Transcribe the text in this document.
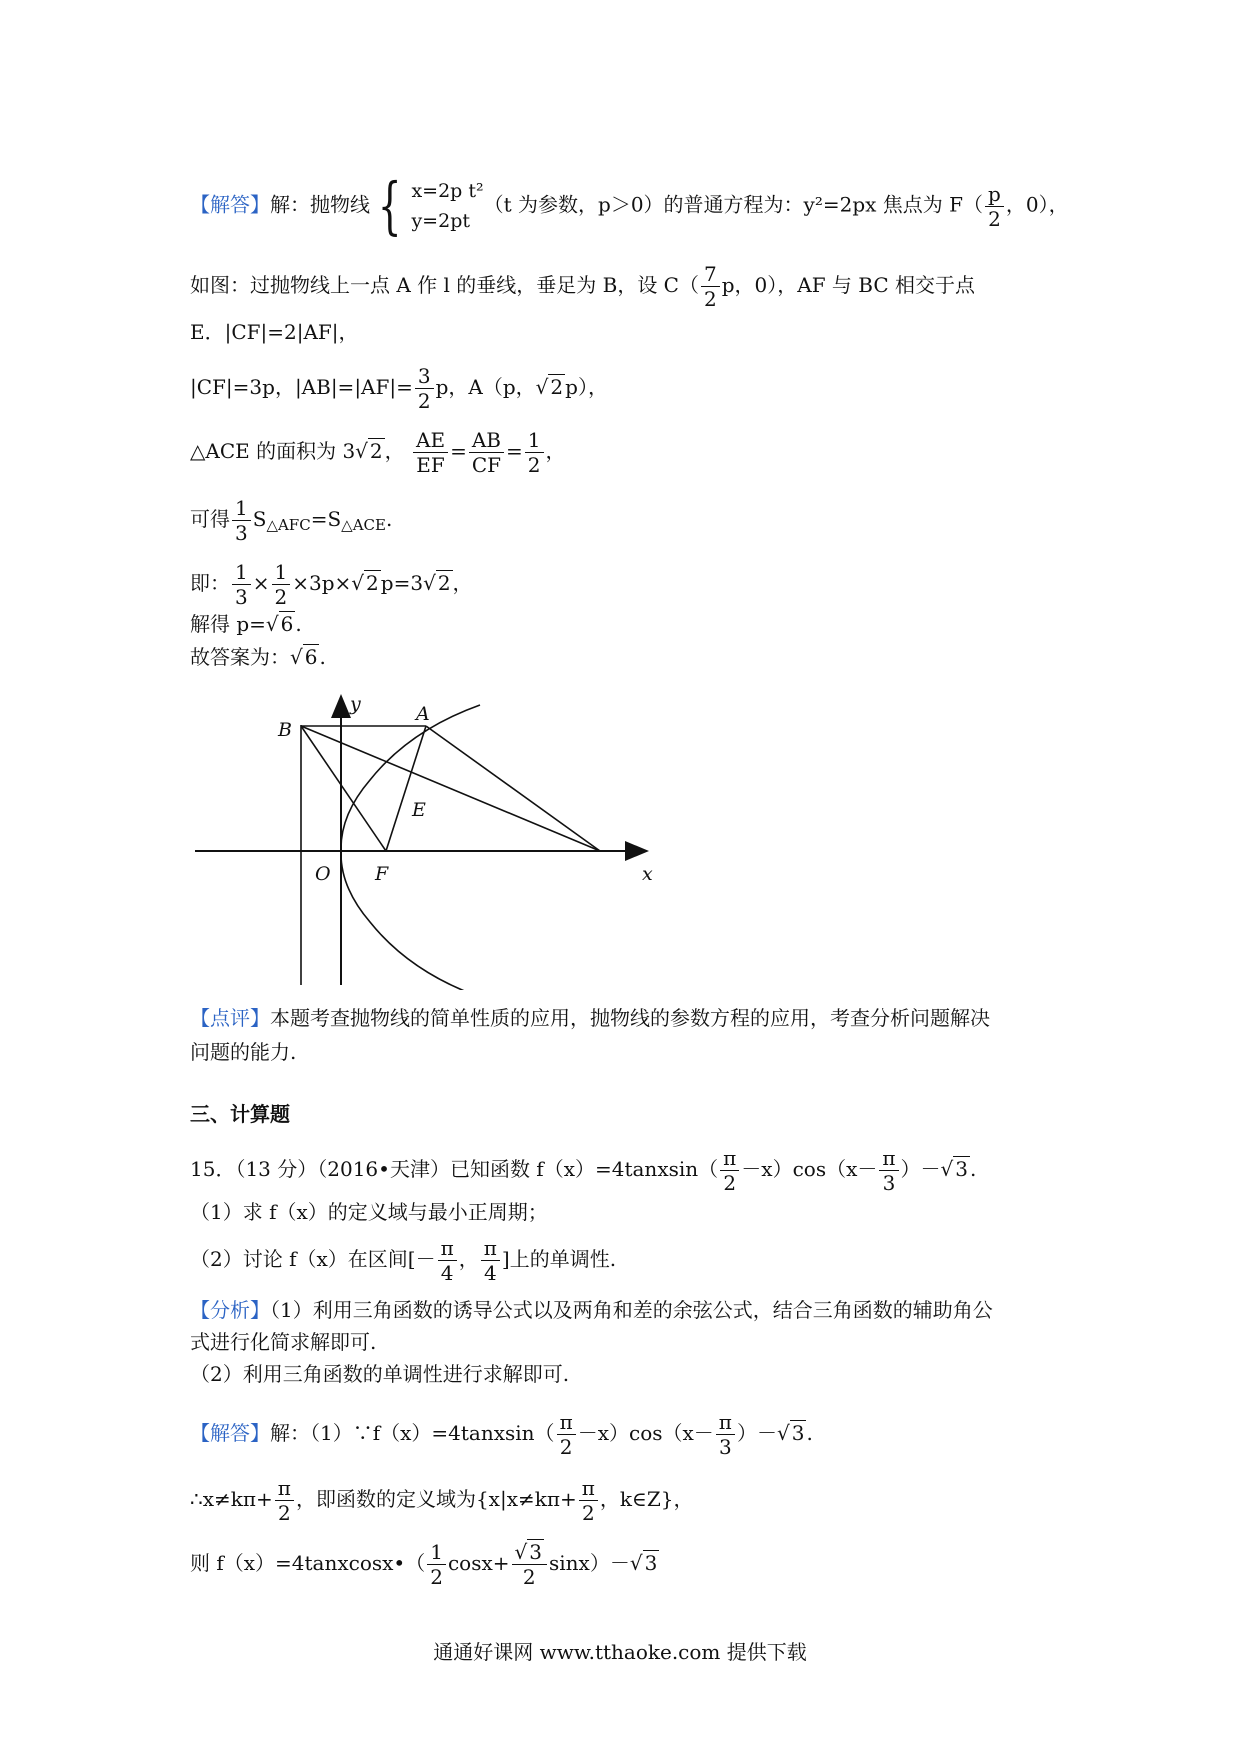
【解答】解：抛物线 { x=2p t²
y=2pt
（t 为参数，p＞0）的普通方程为：y²=2px 焦点为 $F( \frac{p}{2}$ ，0），
如图：过抛物线上一点 A 作 l 的垂线，垂足为 B，设 $C( \frac{7}{2}$ p，0），AF 与 BC 相交于点
E．|CF|=2|AF|，
|CF|=3p，$|AB|=|AF|= \frac{3}{2}$ p，A（p，√ 2 p），
△ACE 的面积为 3√ 2 ， $\frac{AE}{EF} = \frac{AB}{CF} = \frac{1}{2}$ ，
可得 $\frac{1}{3} S_{\triangle AFC}=S_{\triangle ACE}$.
即： $\frac{1}{3} \times \frac{1}{2} \times 3p\times√$ 2 p=3√ 2 ，
解得 p=√ 6 .
故答案为：√ 6 .
y
x
A
B
E
O F
【点评】本题考查抛物线的简单性质的应用，抛物线的参数方程的应用，考查分析问题解决
问题的能力.
三、计算题
15．（13 分）（2016•天津）已知函数 f（x）=4tanxsin（ $\frac{\pi}{2} -x)\cos(x- \frac{\pi}{3}$ ）－√ 3 .
（1）求 f（x）的定义域与最小正周期；
（2）讨论 f（x）在区间[－ $\frac{\pi}{4}$ ， $\frac{\pi}{4}$ ]上的单调性.
【分析】（1）利用三角函数的诱导公式以及两角和差的余弦公式，结合三角函数的辅助角公
式进行化简求解即可.
（2）利用三角函数的单调性进行求解即可.
【解答】解：（1）∵f（x）=4tanxsin（ $\frac{\pi}{2} -x)\cos(x- \frac{\pi}{3}$ ）－√ 3 .
∴x≠kπ+ $\frac{\pi}{2}$ ，即函数的定义域为{$x|x\ne k\pi+ \frac{\pi}{2}$ ，k∈Z}，
则 f（x）=4tanxcosx•（ $\frac{1}{2} \cos x+ \frac{√ 3}{2} \sin x)-√$ 3
通通好课网 www.tthaoke.com 提供下载
